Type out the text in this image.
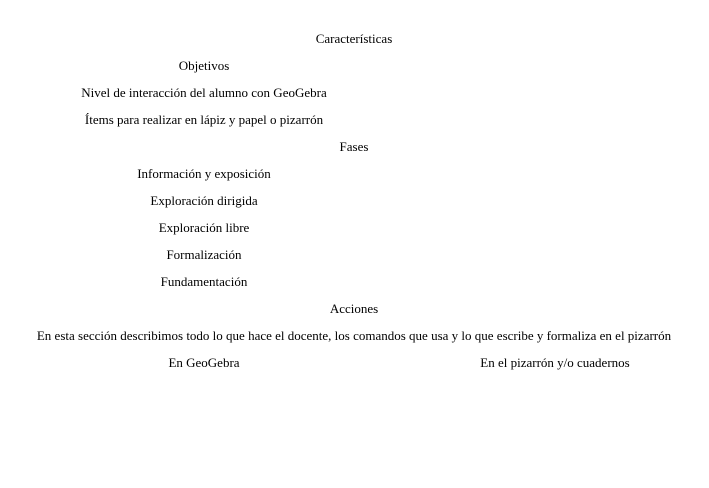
Características
Objetivos
Nivel de interacción del alumno con GeoGebra
Ítems para realizar en lápiz y papel o pizarrón
Fases
Información y exposición
Exploración dirigida
Exploración libre
Formalización
Fundamentación
Acciones
En esta sección describimos todo lo que hace el docente, los comandos que usa y lo que escribe y formaliza en el pizarrón
En GeoGebra	En el pizarrón y/o cuadernos
